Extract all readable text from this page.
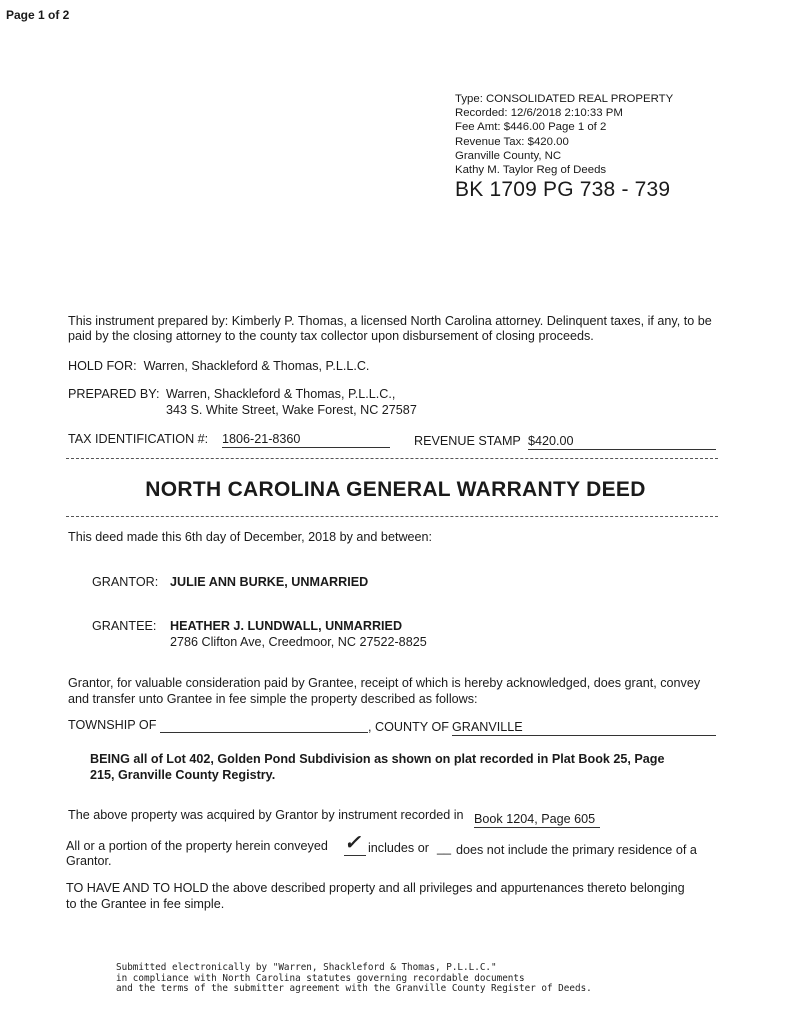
Page 1 of 2
Type: CONSOLIDATED REAL PROPERTY
Recorded: 12/6/2018 2:10:33 PM
Fee Amt: $446.00 Page 1 of 2
Revenue Tax: $420.00
Granville County, NC
Kathy M. Taylor Reg of Deeds
BK 1709 PG 738 - 739
This instrument prepared by: Kimberly P. Thomas, a licensed North Carolina attorney. Delinquent taxes, if any, to be paid by the closing attorney to the county tax collector upon disbursement of closing proceeds.
HOLD FOR: Warren, Shackleford & Thomas, P.L.L.C.
PREPARED BY: Warren, Shackleford & Thomas, P.L.L.C.,
343 S. White Street, Wake Forest, NC 27587
TAX IDENTIFICATION #: 1806-21-8360	REVENUE STAMP $420.00
NORTH CAROLINA GENERAL WARRANTY DEED
This deed made this 6th day of December, 2018 by and between:
GRANTOR: JULIE ANN BURKE, UNMARRIED
GRANTEE: HEATHER J. LUNDWALL, UNMARRIED
2786 Clifton Ave, Creedmoor, NC 27522-8825
Grantor, for valuable consideration paid by Grantee, receipt of which is hereby acknowledged, does grant, convey
and transfer unto Grantee in fee simple the property described as follows:
TOWNSHIP OF	, COUNTY OF GRANVILLE
BEING all of Lot 402, Golden Pond Subdivision as shown on plat recorded in Plat Book 25, Page
215, Granville County Registry.
The above property was acquired by Grantor by instrument recorded in Book 1204, Page 605
All or a portion of the property herein conveyed ✓ includes or __ does not include the primary residence of a
Grantor.
TO HAVE AND TO HOLD the above described property and all privileges and appurtenances thereto belonging
to the Grantee in fee simple.
Submitted electronically by "Warren, Shackleford & Thomas, P.L.L.C."
in compliance with North Carolina statutes governing recordable documents
and the terms of the submitter agreement with the Granville County Register of Deeds.
